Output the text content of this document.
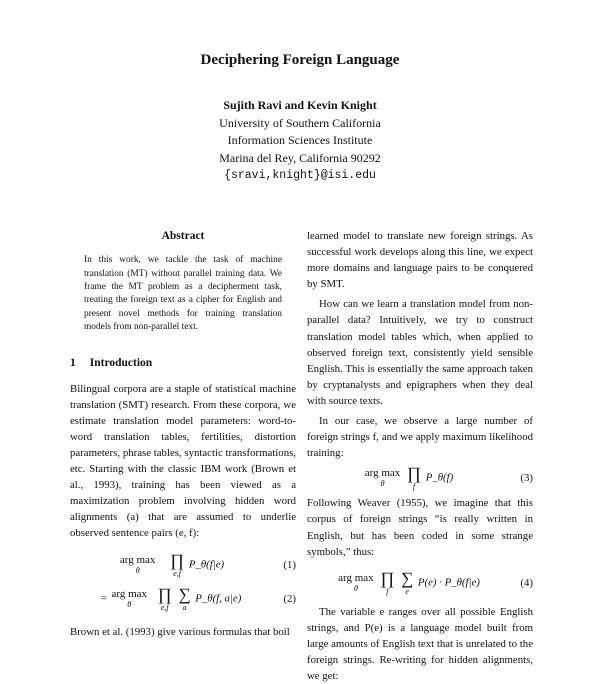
Deciphering Foreign Language
Sujith Ravi and Kevin Knight
University of Southern California
Information Sciences Institute
Marina del Rey, California 90292
{sravi,knight}@isi.edu
Abstract

In this work, we tackle the task of machine translation (MT) without parallel training data. We frame the MT problem as a decipherment task, treating the foreign text as a cipher for English and present novel methods for training translation models from non-parallel text.

1 Introduction

Bilingual corpora are a staple of statistical machine translation (SMT) research. From these corpora, we estimate translation model parameters: word-to-word translation tables, fertilities, distortion parameters, phrase tables, syntactic transformations, etc. Starting with the classic IBM work (Brown et al., 1993), training has been viewed as a maximization problem involving hidden word alignments (a) that are assumed to underlie observed sentence pairs (e, f):

arg max
θ

∏
e,f
P_θ(f|e)	(1)
= arg max
θ

∏
e,f

∑
a
P_θ(f, a|e)	(2)

Brown et al. (1993) give various formulas that boil

learned model to translate new foreign strings. As successful work develops along this line, we expect more domains and language pairs to be conquered by SMT.

How can we learn a translation model from non-parallel data? Intuitively, we try to construct translation model tables which, when applied to observed foreign text, consistently yield sensible English. This is essentially the same approach taken by cryptanalysts and epigraphers when they deal with source texts.

In our case, we observe a large number of foreign strings f, and we apply maximum likelihood training:

arg max
θ

∏
f
P_θ(f)	(3)

Following Weaver (1955), we imagine that this corpus of foreign strings “is really written in English, but has been coded in some strange symbols,” thus:

arg max
θ

∏
f

∑
e
P(e) · P_θ(f|e)	(4)

The variable e ranges over all possible English strings, and P(e) is a language model built from large amounts of English text that is unrelated to the foreign strings. Re-writing for hidden alignments, we get:
